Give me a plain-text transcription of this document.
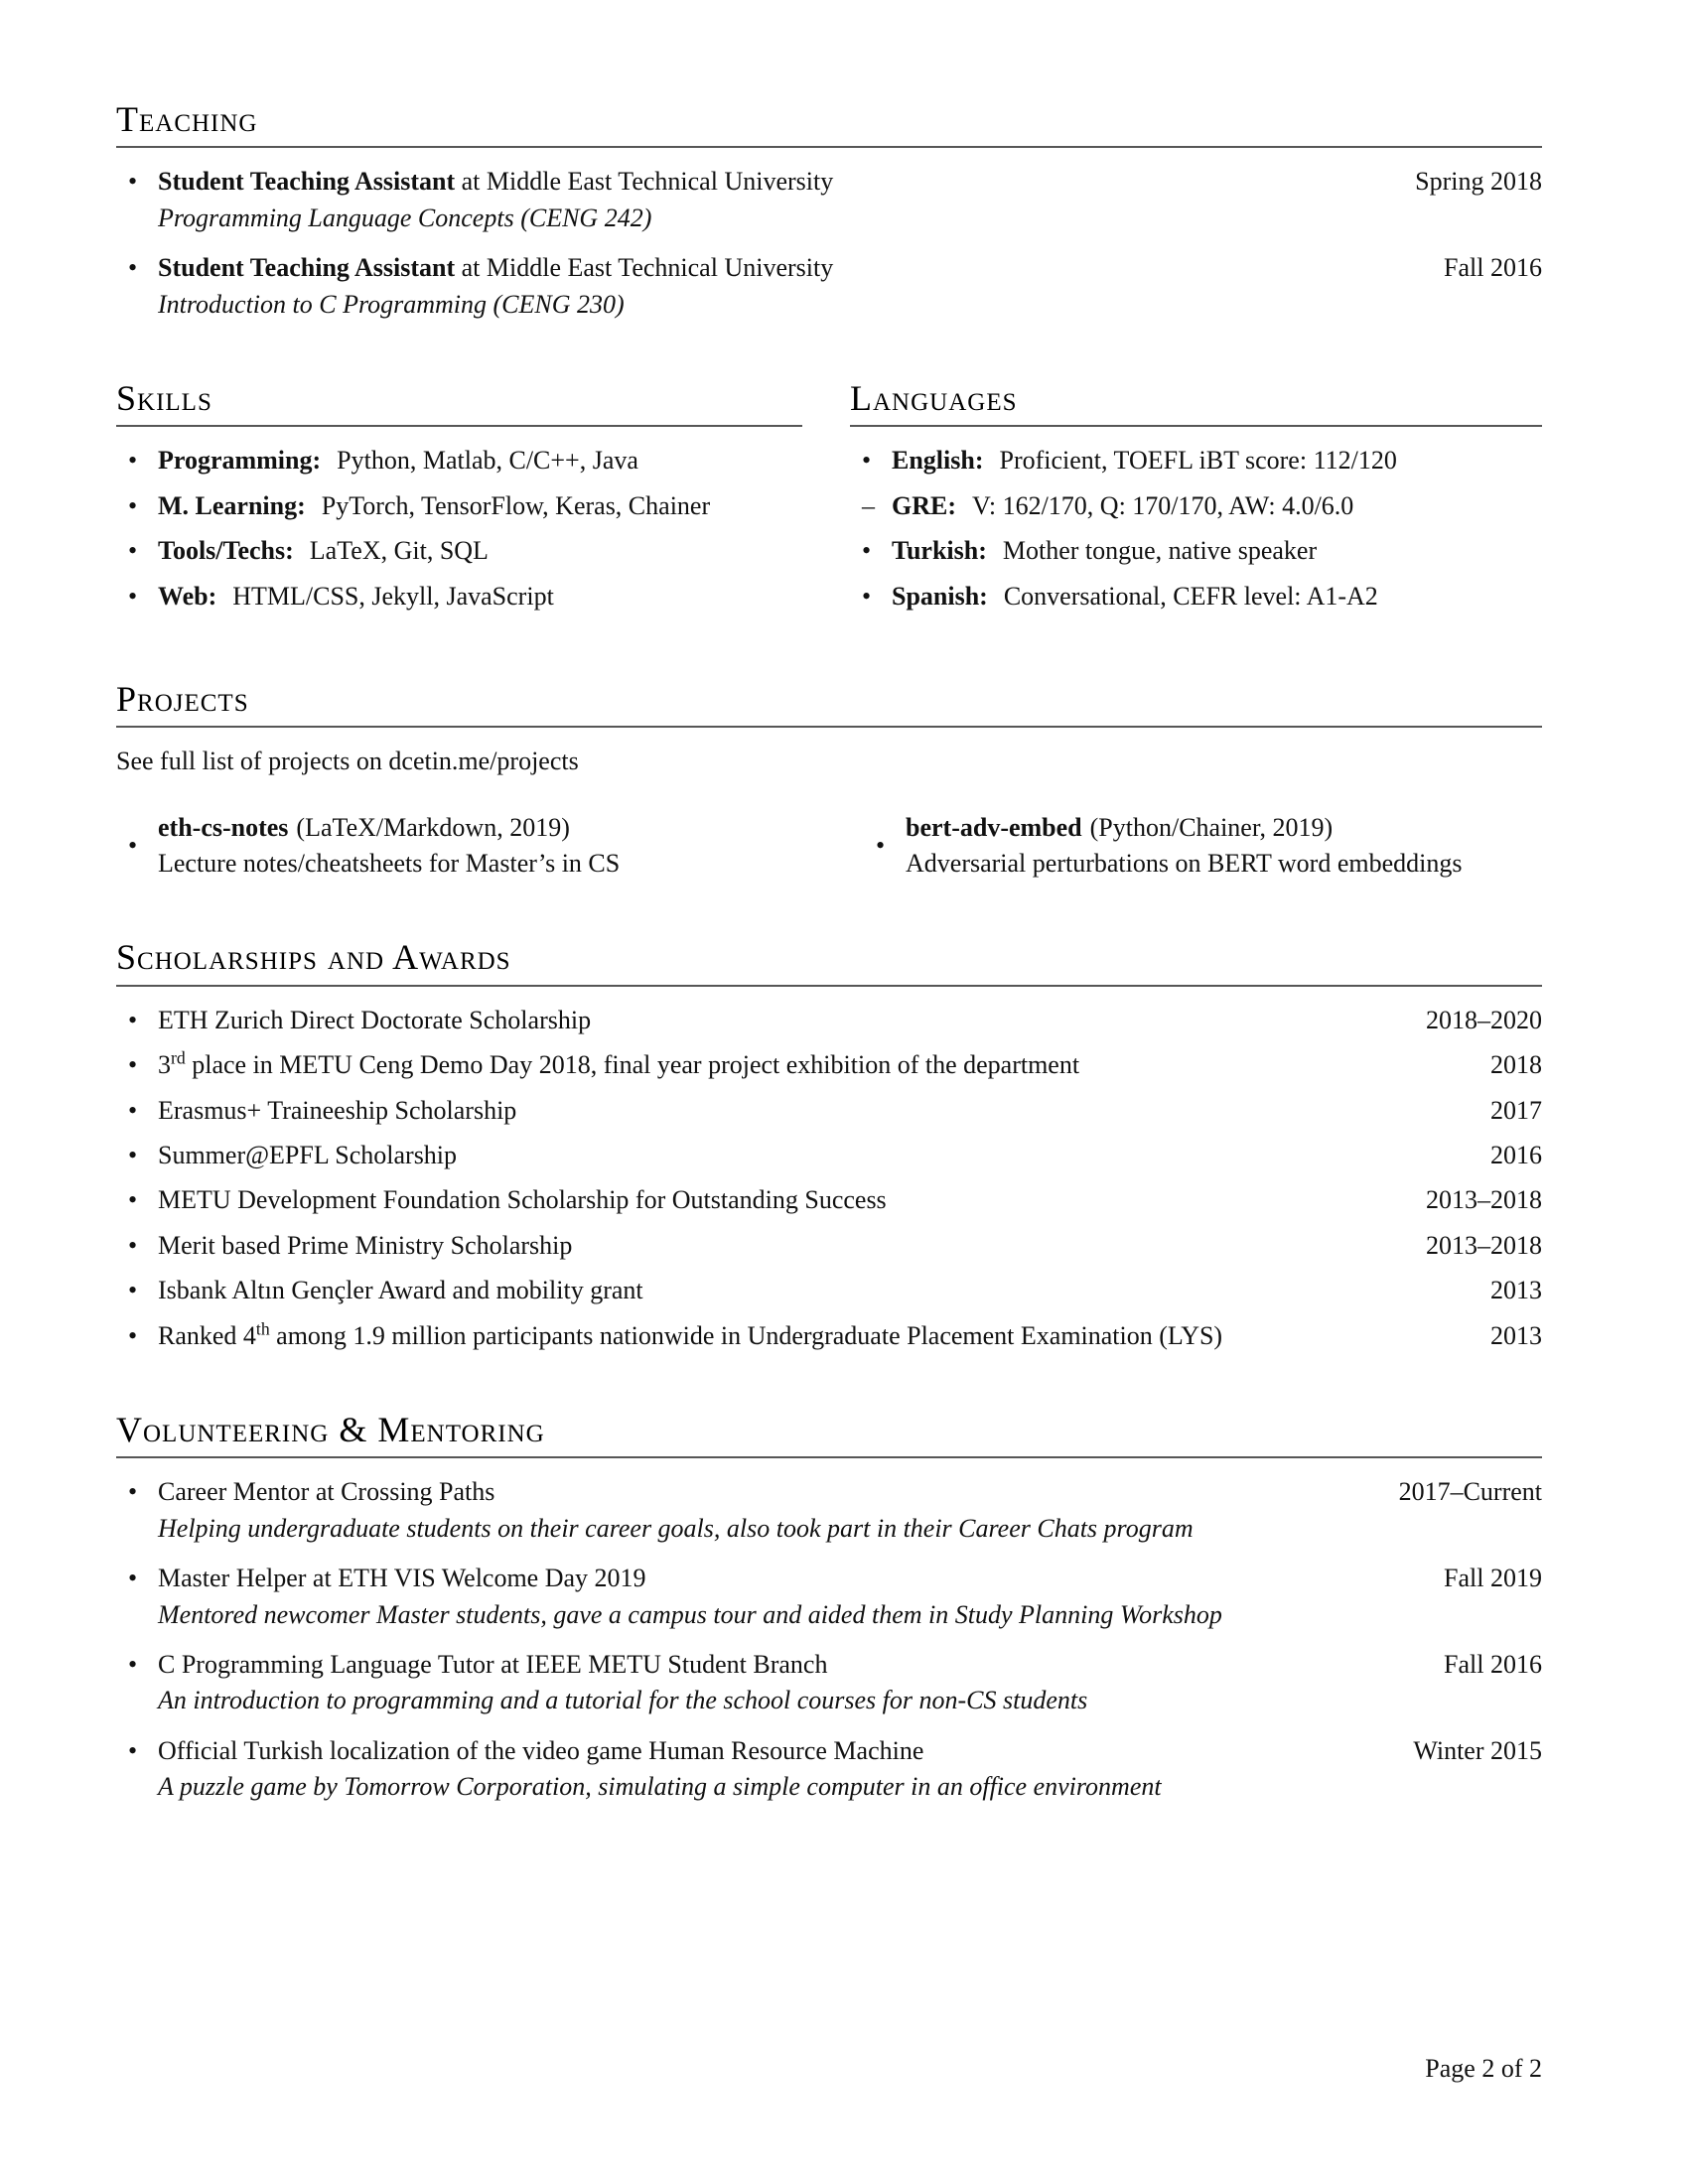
Teaching
• Student Teaching Assistant at Middle East Technical University	Spring 2018
Programming Language Concepts (CENG 242)
• Student Teaching Assistant at Middle East Technical University	Fall 2016
Introduction to C Programming (CENG 230)
Skills
• Programming: Python, Matlab, C/C++, Java
• M. Learning: PyTorch, TensorFlow, Keras, Chainer
• Tools/Techs: LaTeX, Git, SQL
• Web: HTML/CSS, Jekyll, JavaScript
Languages
• English: Proficient, TOEFL iBT score: 112/120
– GRE: V: 162/170, Q: 170/170, AW: 4.0/6.0
• Turkish: Mother tongue, native speaker
• Spanish: Conversational, CEFR level: A1-A2
Projects

See full list of projects on dcetin.me/projects

•
eth-cs-notes (LaTeX/Markdown, 2019)
Lecture notes/cheatsheets for Master’s in CS
•
bert-adv-embed (Python/Chainer, 2019)
Adversarial perturbations on BERT word embeddings
Scholarships and Awards
• ETH Zurich Direct Doctorate Scholarship	2018–2020
• 3rd place in METU Ceng Demo Day 2018, final year project exhibition of the department	2018
• Erasmus+ Traineeship Scholarship	2017
• Summer@EPFL Scholarship	2016
• METU Development Foundation Scholarship for Outstanding Success	2013–2018
• Merit based Prime Ministry Scholarship	2013–2018
• Isbank Altın Gençler Award and mobility grant	2013
• Ranked 4th among 1.9 million participants nationwide in Undergraduate Placement Examination (LYS)	2013
Volunteering & Mentoring
• Career Mentor at Crossing Paths	2017–Current
Helping undergraduate students on their career goals, also took part in their Career Chats program
• Master Helper at ETH VIS Welcome Day 2019	Fall 2019
Mentored newcomer Master students, gave a campus tour and aided them in Study Planning Workshop
• C Programming Language Tutor at IEEE METU Student Branch	Fall 2016
An introduction to programming and a tutorial for the school courses for non-CS students
• Official Turkish localization of the video game Human Resource Machine	Winter 2015
A puzzle game by Tomorrow Corporation, simulating a simple computer in an office environment
Page 2 of 2
